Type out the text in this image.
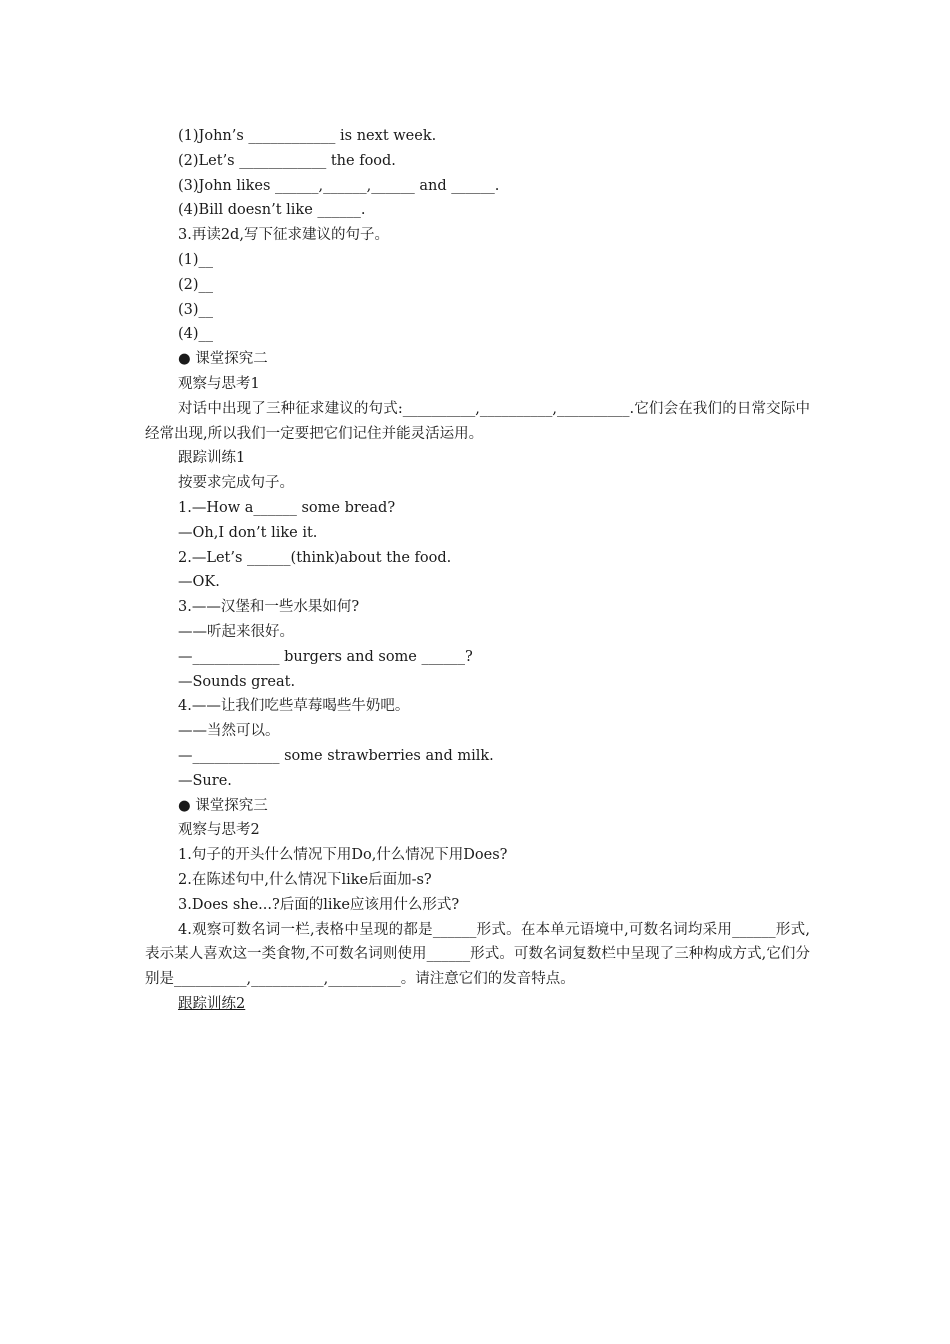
(1)John’s ____________ is next week.
(2)Let’s ____________ the food.
(3)John likes ______,______,______ and ______.
(4)Bill doesn’t like ______.
3.再读2d,写下征求建议的句子。
(1)__
(2)__
(3)__
(4)__
● 课堂探究二
观察与思考1
对话中出现了三种征求建议的句式:__________,__________,__________.它们会在我们的日常交际中经常出现,所以我们一定要把它们记住并能灵活运用。
跟踪训练1
按要求完成句子。
1.—How a______ some bread?
—Oh,I don’t like it.
2.—Let’s ______(think)about the food.
—OK.
3.——汉堡和一些水果如何?
——听起来很好。
—____________ burgers and some ______?
—Sounds great.
4.——让我们吃些草莓喝些牛奶吧。
——当然可以。
—____________ some strawberries and milk.
—Sure.
● 课堂探究三
观察与思考2
1.句子的开头什么情况下用Do,什么情况下用Does?
2.在陈述句中,什么情况下like后面加-s?
3.Does she...?后面的like应该用什么形式?
4.观察可数名词一栏,表格中呈现的都是______形式。在本单元语境中,可数名词均采用______形式,表示某人喜欢这一类食物,不可数名词则使用______形式。可数名词复数栏中呈现了三种构成方式,它们分别是__________,__________,__________。请注意它们的发音特点。
跟踪训练2
